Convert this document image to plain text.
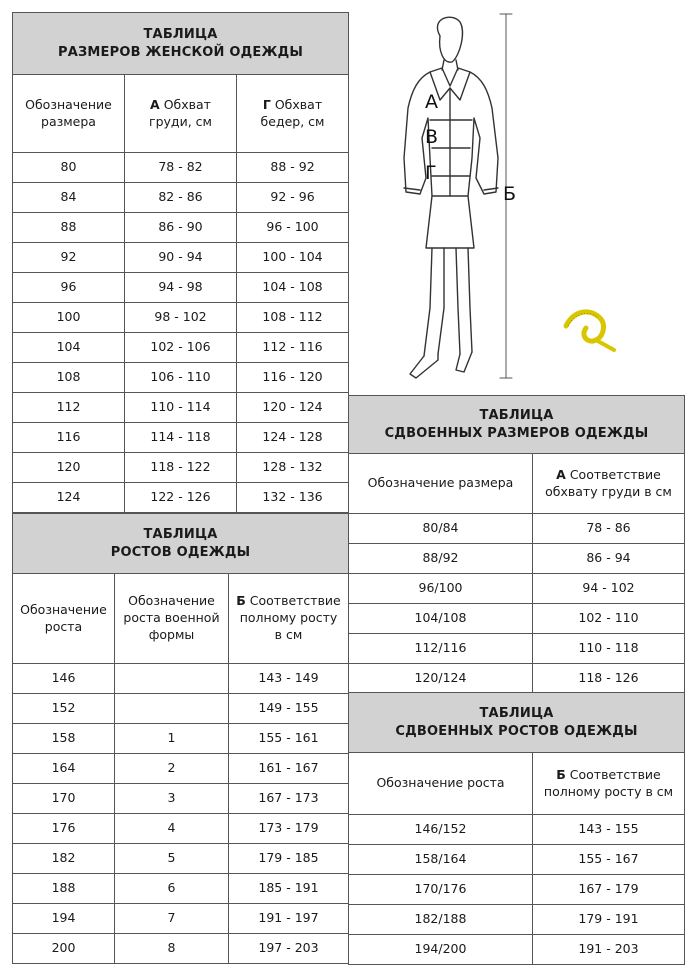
ТАБЛИЦА
РАЗМЕРОВ ЖЕНСКОЙ ОДЕЖДЫ		
Обозначение размера	А Обхват груди, см	Г Обхват бедер, см
80	78 - 82	88 - 92
84	82 - 86	92 - 96
88	86 - 90	96 - 100
92	90 - 94	100 - 104
96	94 - 98	104 - 108
100	98 - 102	108 - 112
104	102 - 106	112 - 116
108	106 - 110	116 - 120
112	110 - 114	120 - 124
116	114 - 118	124 - 128
120	118 - 122	128 - 132
124	122 - 126	132 - 136
ТАБЛИЦА
РОСТОВ ОДЕЖДЫ		
Обозначение роста	Обозначение роста военной формы	Б Соответствие полному росту в см
146		143 - 149
152		149 - 155
158	1	155 - 161
164	2	161 - 167
170	3	167 - 173
176	4	173 - 179
182	5	179 - 185
188	6	185 - 191
194	7	191 - 197
200	8	197 - 203
ТАБЛИЦА
СДВОЕННЫХ РАЗМЕРОВ ОДЕЖДЫ	
Обозначение размера	А Соответствие обхвату груди в см
80/84	78 - 86
88/92	86 - 94
96/100	94 - 102
104/108	102 - 110
112/116	110 - 118
120/124	118 - 126
ТАБЛИЦА
СДВОЕННЫХ РОСТОВ ОДЕЖДЫ	
Обозначение роста	Б Соответствие полному росту в см
146/152	143 - 155
158/164	155 - 167
170/176	167 - 179
182/188	179 - 191
194/200	191 - 203
А
В
Г
Б
